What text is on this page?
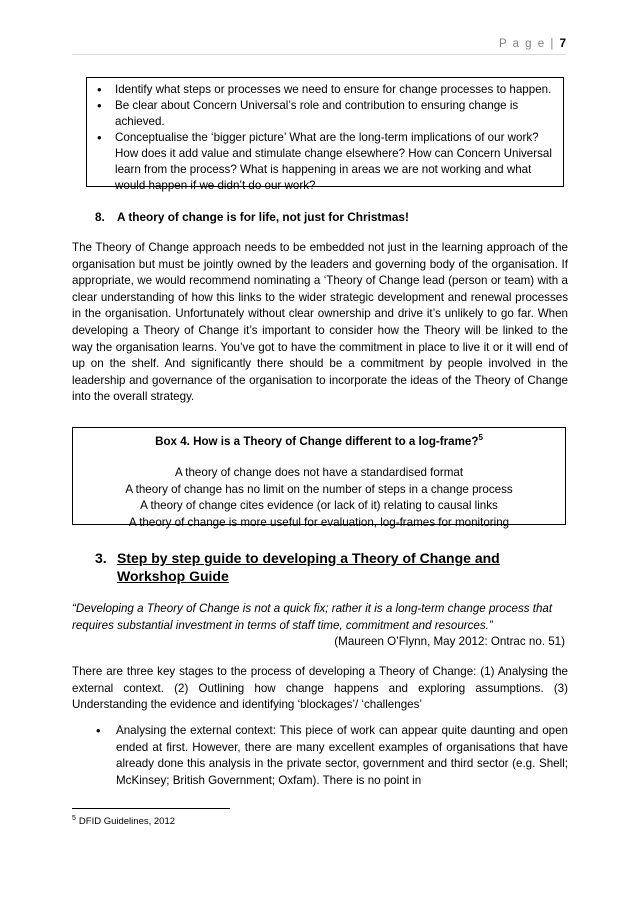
P a g e | 7
• Identify what steps or processes we need to ensure for change processes to happen.
• Be clear about Concern Universal’s role and contribution to ensuring change is achieved.
• Conceptualise the ‘bigger picture’ What are the long-term implications of our work? How does it add value and stimulate change elsewhere? How can Concern Universal learn from the process? What is happening in areas we are not working and what would happen if we didn’t do our work?
8. A theory of change is for life, not just for Christmas!
The Theory of Change approach needs to be embedded not just in the learning approach of the organisation but must be jointly owned by the leaders and governing body of the organisation. If appropriate, we would recommend nominating a ‘Theory of Change lead (person or team) with a clear understanding of how this links to the wider strategic development and renewal processes in the organisation. Unfortunately without clear ownership and drive it’s unlikely to go far. When developing a Theory of Change it’s important to consider how the Theory will be linked to the way the organisation learns. You’ve got to have the commitment in place to live it or it will end of up on the shelf. And significantly there should be a commitment by people involved in the leadership and governance of the organisation to incorporate the ideas of the Theory of Change into the overall strategy.
Box 4. How is a Theory of Change different to a log-frame?$^5$
A theory of change does not have a standardised format
A theory of change has no limit on the number of steps in a change process
A theory of change cites evidence (or lack of it) relating to causal links
A theory of change is more useful for evaluation, log-frames for monitoring
3. Step by step guide to developing a Theory of Change and Workshop Guide
“Developing a Theory of Change is not a quick fix; rather it is a long-term change process that requires substantial investment in terms of staff time, commitment and resources.”
(Maureen O’Flynn, May 2012: Ontrac no. 51)
There are three key stages to the process of developing a Theory of Change: (1) Analysing the external context. (2) Outlining how change happens and exploring assumptions. (3) Understanding the evidence and identifying ‘blockages’/ ‘challenges’
• Analysing the external context: This piece of work can appear quite daunting and open ended at first. However, there are many excellent examples of organisations that have already done this analysis in the private sector, government and third sector (e.g. Shell; McKinsey; British Government; Oxfam). There is no point in
$^5$ DFID Guidelines, 2012
